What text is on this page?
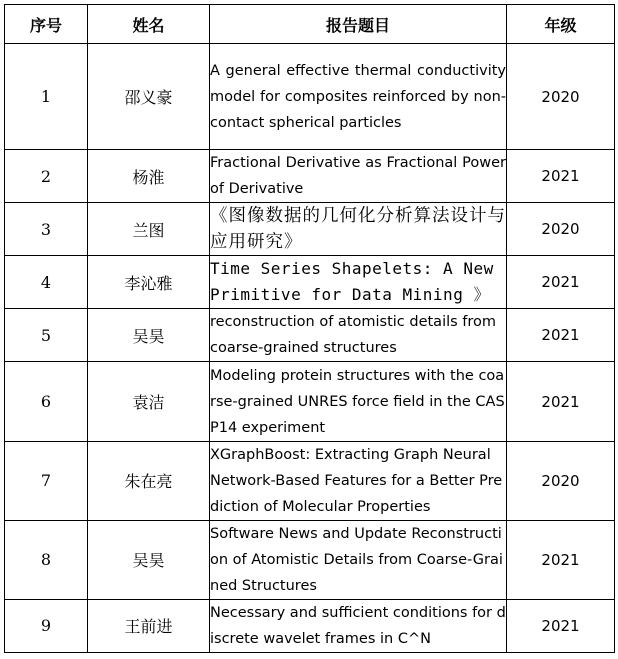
序号	姓名	报告题目	年级
1	邵义豪	A general effective thermal conductivity model for composites reinforced by non-contact spherical particles	2020
2	杨淮	Fractional Derivative as Fractional Power of Derivative	2021
3	兰图	《图像数据的几何化分析算法设计与应用研究》	2020
4	李沁雅	Time Series Shapelets: A New Primitive for Data Mining 》	2021
5	吴昊	reconstruction of atomistic details from coarse-grained structures	2021
6	袁洁	Modeling protein structures with the coarse-grained UNRES force field in the CASP14 experiment	2021
7	朱在亮	XGraphBoost: Extracting Graph Neural Network-Based Features for a Better Prediction of Molecular Properties	2020
8	吴昊	Software News and Update Reconstruction of Atomistic Details from Coarse-Grained Structures	2021
9	王前进	Necessary and sufficient conditions for discrete wavelet frames in C^N	2021
